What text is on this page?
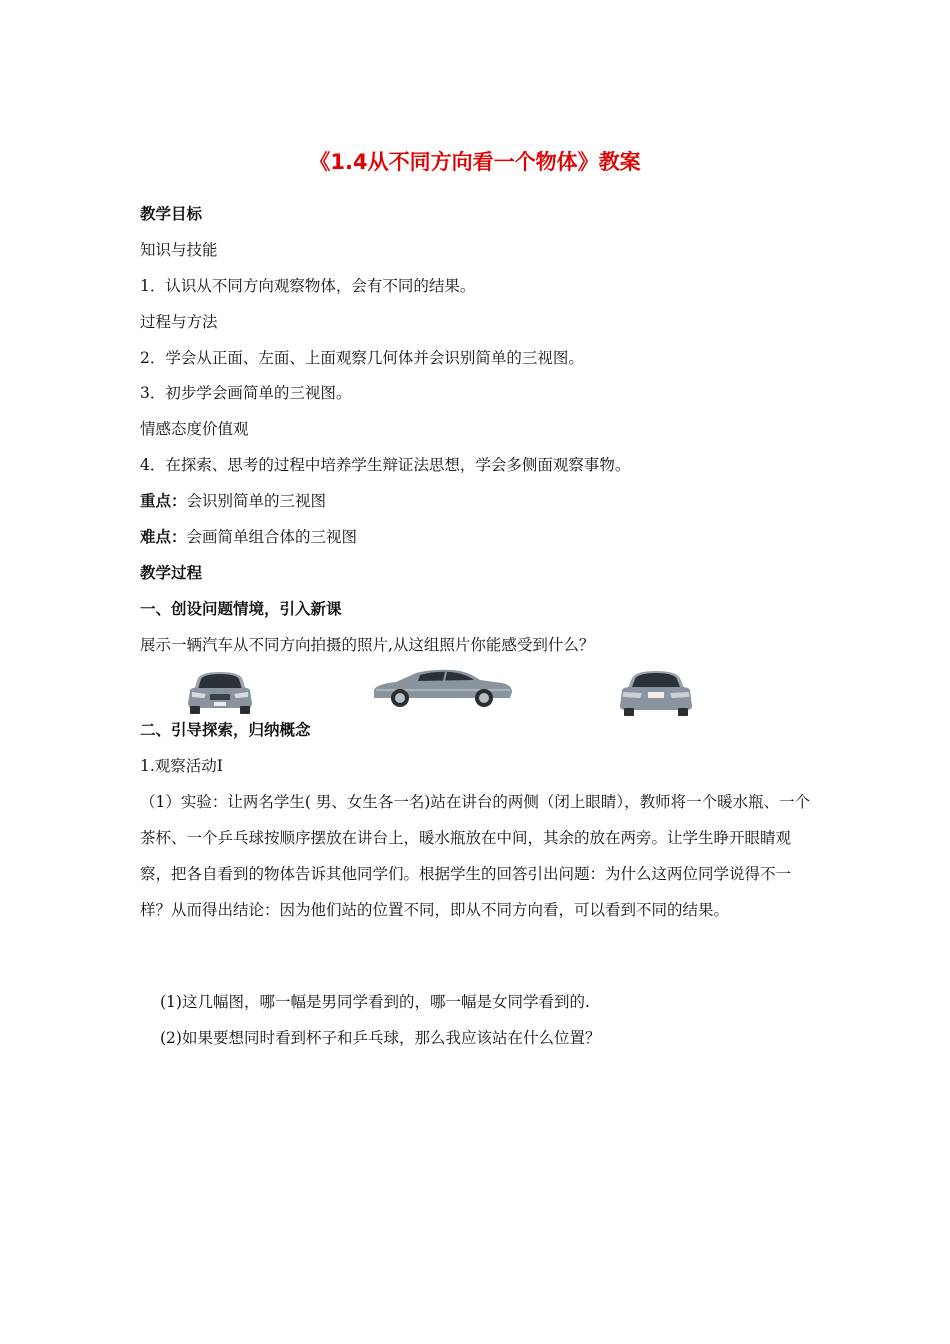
《1.4从不同方向看一个物体》教案
教学目标
知识与技能
1．认识从不同方向观察物体，会有不同的结果。
过程与方法
2．学会从正面、左面、上面观察几何体并会识别简单的三视图。
3．初步学会画简单的三视图。
情感态度价值观
4．在探索、思考的过程中培养学生辩证法思想，学会多侧面观察事物。
重点：会识别简单的三视图
难点：会画简单组合体的三视图
教学过程
一、创设问题情境，引入新课
展示一辆汽车从不同方向拍摄的照片,从这组照片你能感受到什么？
二、引导探索，归纳概念
1.观察活动Ⅰ
（1）实验：让两名学生( 男、女生各一名)站在讲台的两侧（闭上眼睛），教师将一个暖水瓶、一个茶杯、一个乒乓球按顺序摆放在讲台上，暖水瓶放在中间，其余的放在两旁。让学生睁开眼睛观察，把各自看到的物体告诉其他同学们。根据学生的回答引出问题：为什么这两位同学说得不一样？从而得出结论：因为他们站的位置不同，即从不同方向看，可以看到不同的结果。
(1)这几幅图，哪一幅是男同学看到的，哪一幅是女同学看到的.
(2)如果要想同时看到杯子和乒乓球，那么我应该站在什么位置？
